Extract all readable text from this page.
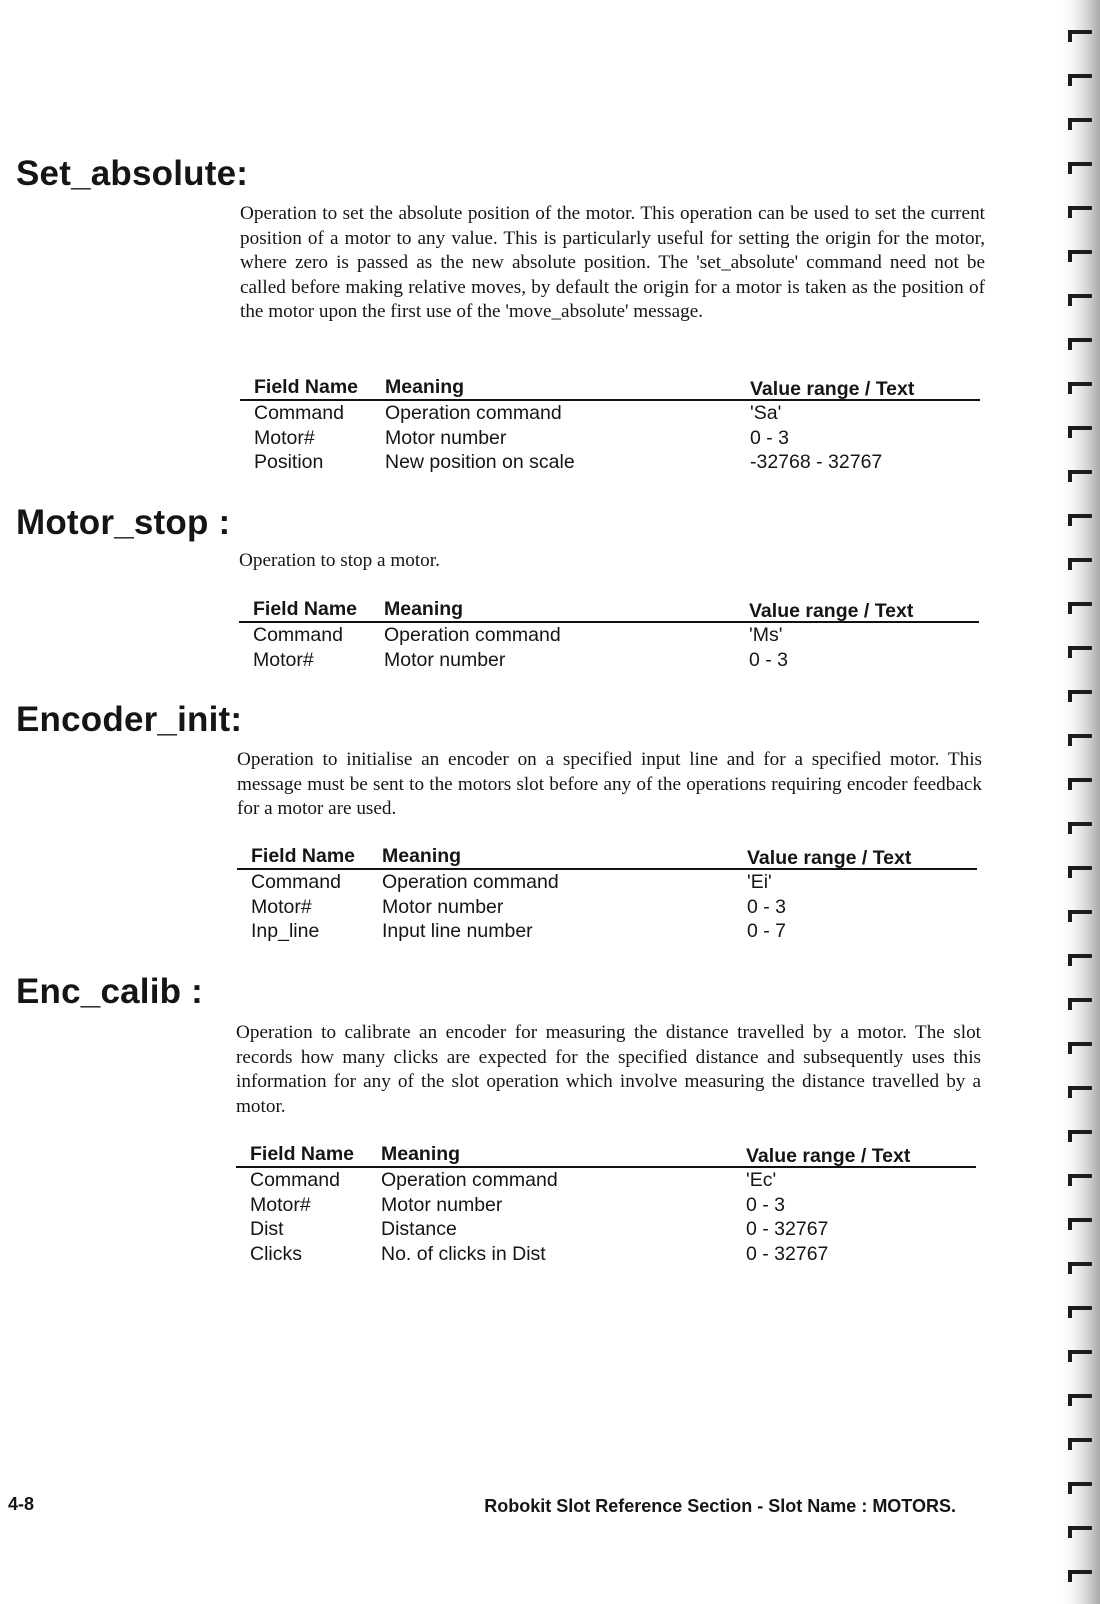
Set_absolute:

Operation to set the absolute position of the motor. This operation can be used to set the current position of a motor to any value. This is particularly useful for setting the origin for the motor, where zero is passed as the new absolute position. The 'set_absolute' command need not be called before making relative moves, by default the origin for a motor is taken as the position of the motor upon the first use of the 'move_absolute' message.

	Field Name	Meaning	Value range / Text
	Command	Operation command	'Sa'
	Motor#	Motor number	0 - 3
	Position	New position on scale	-32768 - 32767
Motor_stop :

Operation to stop a motor.

	Field Name	Meaning	Value range / Text
	Command	Operation command	'Ms'
	Motor#	Motor number	0 - 3
Encoder_init:

Operation to initialise an encoder on a specified input line and for a specified motor. This message must be sent to the motors slot before any of the operations requiring encoder feedback for a motor are used.

	Field Name	Meaning	Value range / Text
	Command	Operation command	'Ei'
	Motor#	Motor number	0 - 3
	Inp_line	Input line number	0 - 7
Enc_calib :

Operation to calibrate an encoder for measuring the distance travelled by a motor. The slot records how many clicks are expected for the specified distance and subsequently uses this information for any of the slot operation which involve measuring the distance travelled by a motor.

	Field Name	Meaning	Value range / Text
	Command	Operation command	'Ec'
	Motor#	Motor number	0 - 3
	Dist	Distance	0 - 32767
	Clicks	No. of clicks in Dist	0 - 32767
4-8	Robokit Slot Reference Section - Slot Name : MOTORS.
